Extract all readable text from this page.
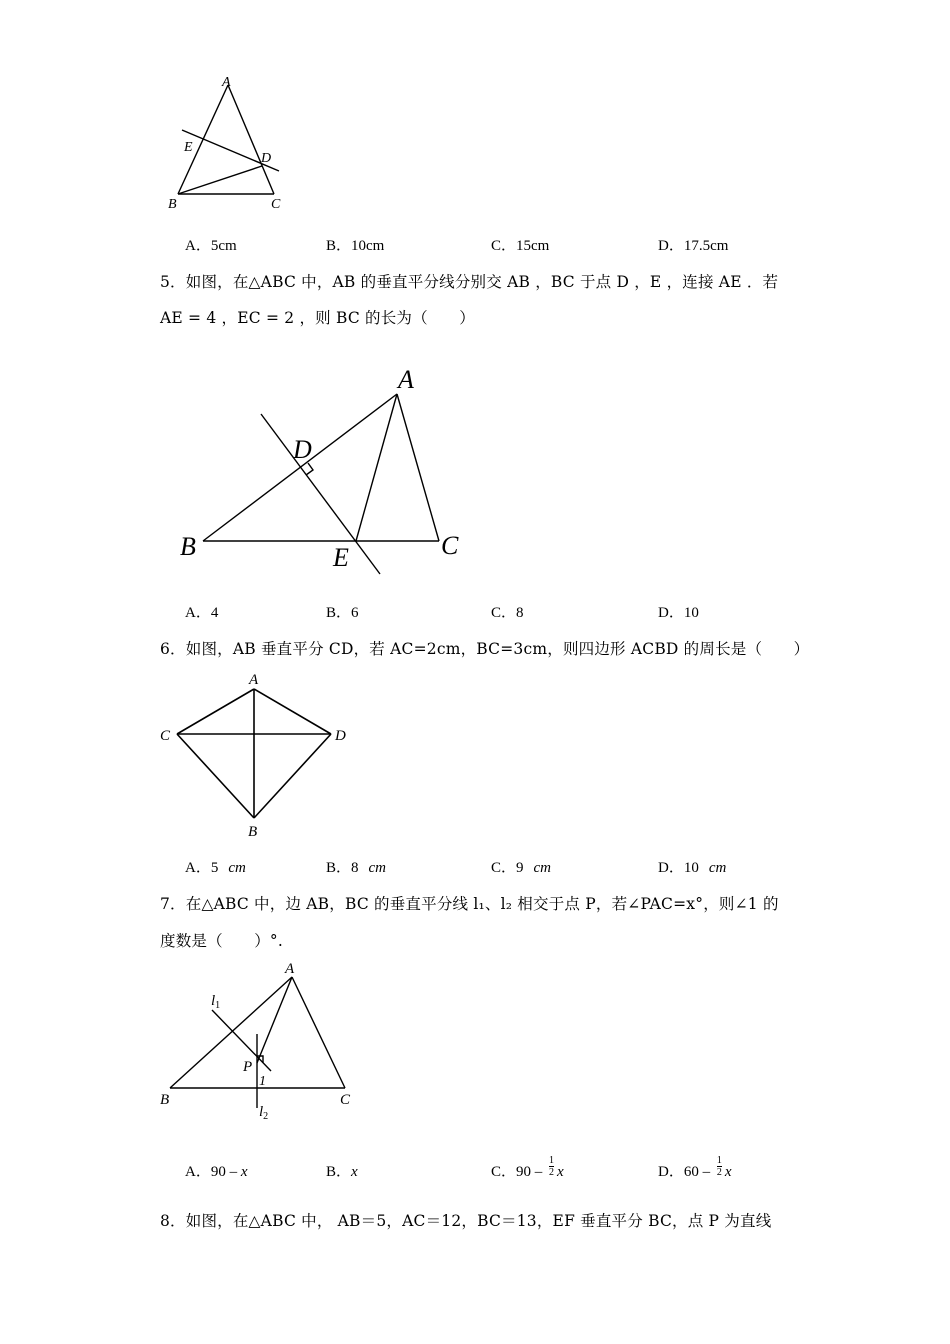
A
E
D
B	C
A．5cm	B．10cm	C．15cm	D．17.5cm
5．如图，在△ABC 中，AB 的垂直平分线分别交 AB ，BC 于点 D ，E ，连接 AE ．若
AE = 4 ，EC = 2 ，则 BC 的长为（　　）
A
D
B	E	C
A．4	B．6	C．8	D．10
6．如图，AB 垂直平分 CD，若 AC=2cm，BC=3cm，则四边形 ACBD 的周长是（　　）
A
C	D
B
A．5 cm	B．8 cm	C．9 cm	D．10 cm
7．在△ABC 中，边 AB，BC 的垂直平分线 l₁、l₂ 相交于点 P，若∠PAC=x°，则∠1 的
度数是（　　）°.
A
$l_1$
P
1
B	C
$l_2$
A．90 – x	B．x	C．$90 - \frac{1}{2}$ x	D．$60 - \frac{1}{2}$ x
8．如图，在△ABC 中， AB＝5，AC＝12，BC＝13，EF 垂直平分 BC，点 P 为直线
